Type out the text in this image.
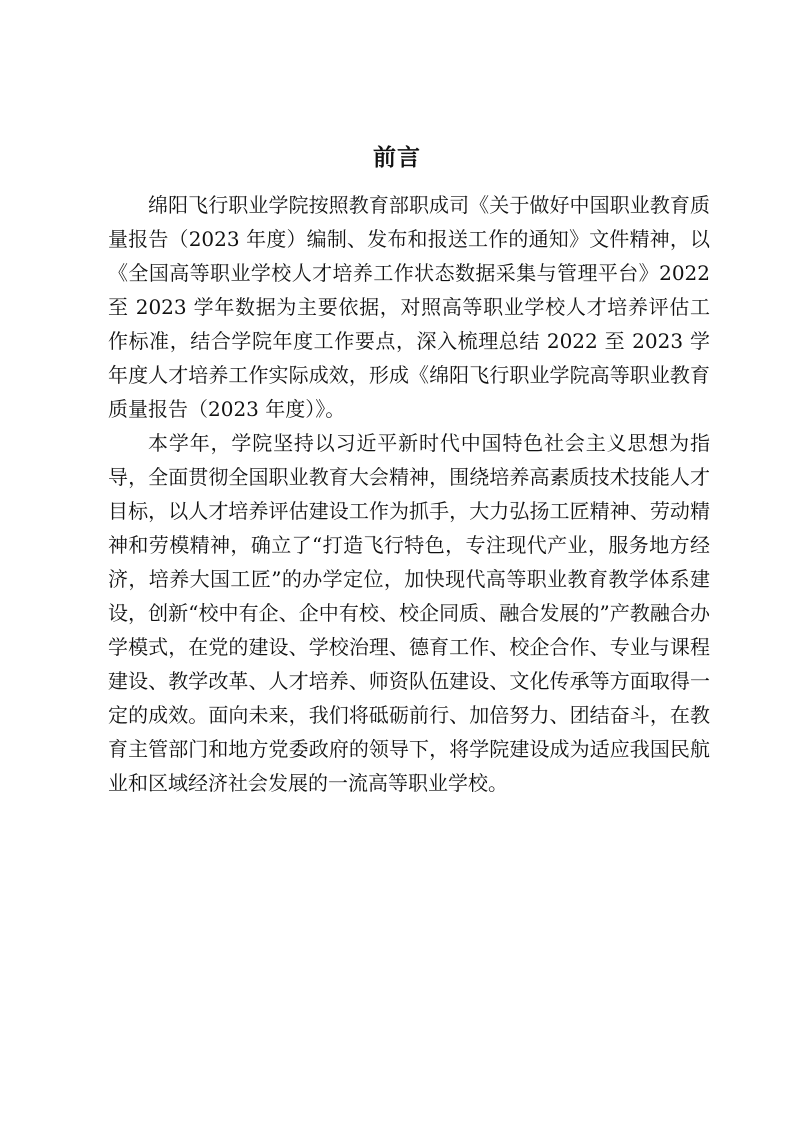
前言

绵阳飞行职业学院按照教育部职成司《关于做好中国职业教育质量报告（2023 年度）编制、发布和报送工作的通知》文件精神，以《全国高等职业学校人才培养工作状态数据采集与管理平台》2022 至 2023 学年数据为主要依据，对照高等职业学校人才培养评估工作标准，结合学院年度工作要点，深入梳理总结 2022 至 2023 学年度人才培养工作实际成效，形成《绵阳飞行职业学院高等职业教育质量报告（2023 年度）》。

本学年，学院坚持以习近平新时代中国特色社会主义思想为指导，全面贯彻全国职业教育大会精神，围绕培养高素质技术技能人才目标，以人才培养评估建设工作为抓手，大力弘扬工匠精神、劳动精神和劳模精神，确立了“打造飞行特色，专注现代产业，服务地方经济，培养大国工匠”的办学定位，加快现代高等职业教育教学体系建设，创新“校中有企、企中有校、校企同质、融合发展的”产教融合办学模式，在党的建设、学校治理、德育工作、校企合作、专业与课程建设、教学改革、人才培养、师资队伍建设、文化传承等方面取得一定的成效。面向未来，我们将砥砺前行、加倍努力、团结奋斗，在教育主管部门和地方党委政府的领导下，将学院建设成为适应我国民航业和区域经济社会发展的一流高等职业学校。
